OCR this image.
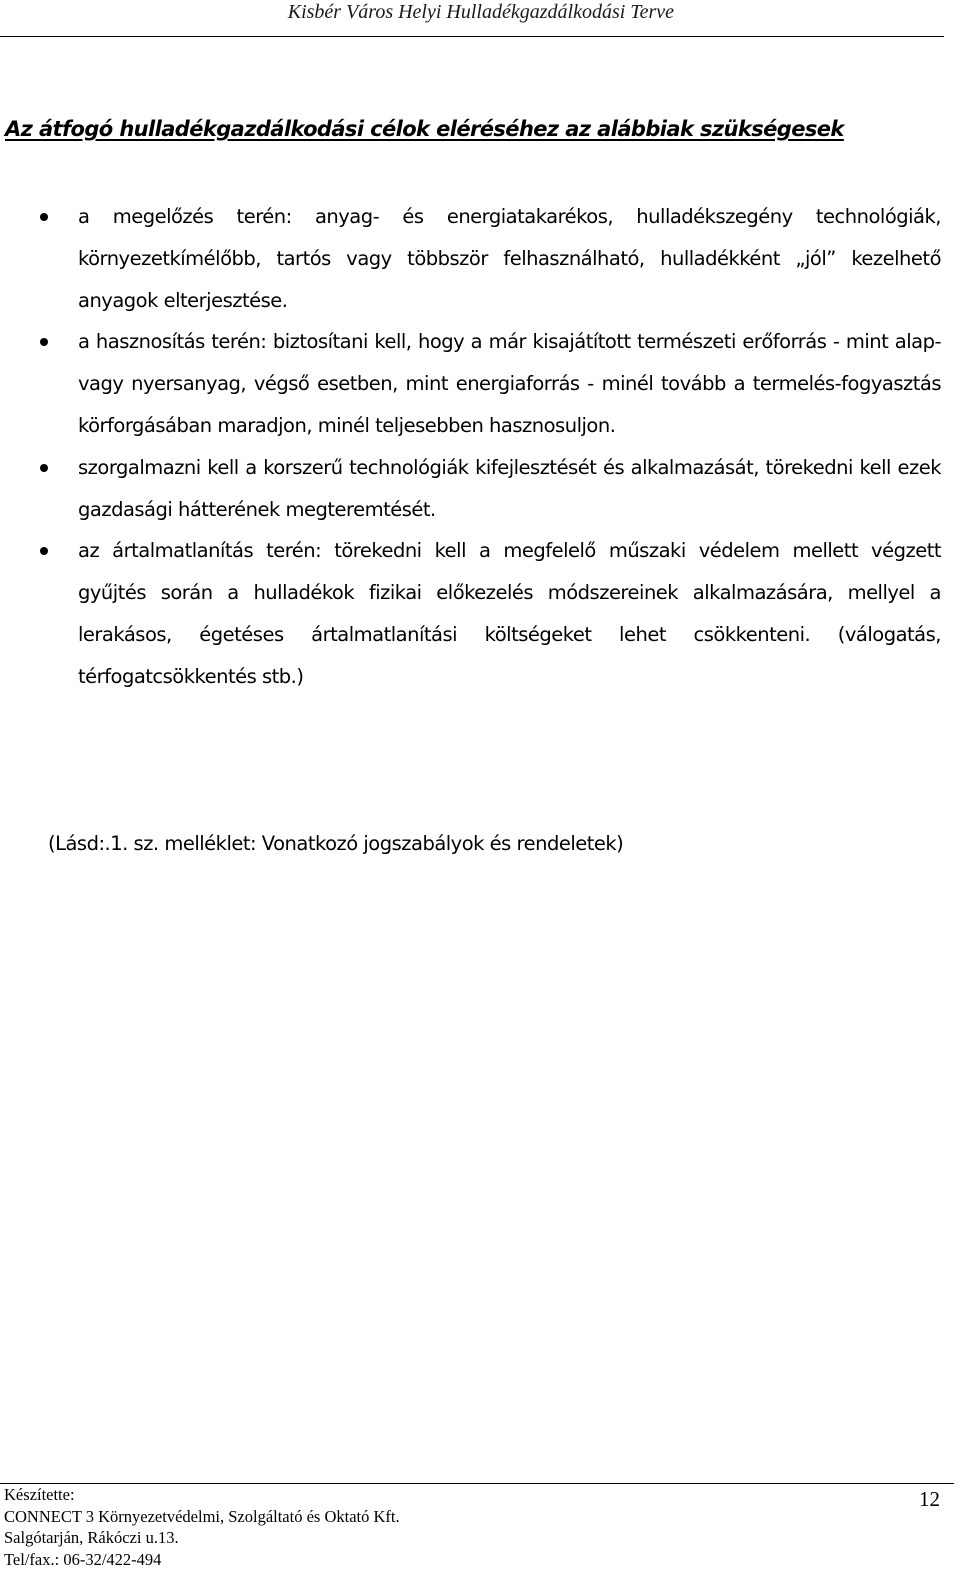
Kisbér Város Helyi Hulladékgazdálkodási Terve
Az átfogó hulladékgazdálkodási célok eléréséhez az alábbiak szükségesek
a megelőzés terén: anyag- és energiatakarékos, hulladékszegény technológiák, környezetkímélőbb, tartós vagy többször felhasználható, hulladékként „jól” kezelhető anyagok elterjesztése.
a hasznosítás terén: biztosítani kell, hogy a már kisajátított természeti erőforrás - mint alap- vagy nyersanyag, végső esetben, mint energiaforrás - minél tovább a termelés-fogyasztás körforgásában maradjon, minél teljesebben hasznosuljon.
szorgalmazni kell a korszerű technológiák kifejlesztését és alkalmazását, törekedni kell ezek gazdasági hátterének megteremtését.
az ártalmatlanítás terén: törekedni kell a megfelelő műszaki védelem mellett végzett gyűjtés során a hulladékok fizikai előkezelés módszereinek alkalmazására, mellyel a lerakásos, égetéses ártalmatlanítási költségeket lehet csökkenteni. (válogatás, térfogatcsökkentés stb.)
(Lásd:.1. sz. melléklet: Vonatkozó jogszabályok és rendeletek)
Készítette:
CONNECT 3 Környezetvédelmi, Szolgáltató és Oktató Kft.
Salgótarján, Rákóczi u.13.
Tel/fax.: 06-32/422-494
12
